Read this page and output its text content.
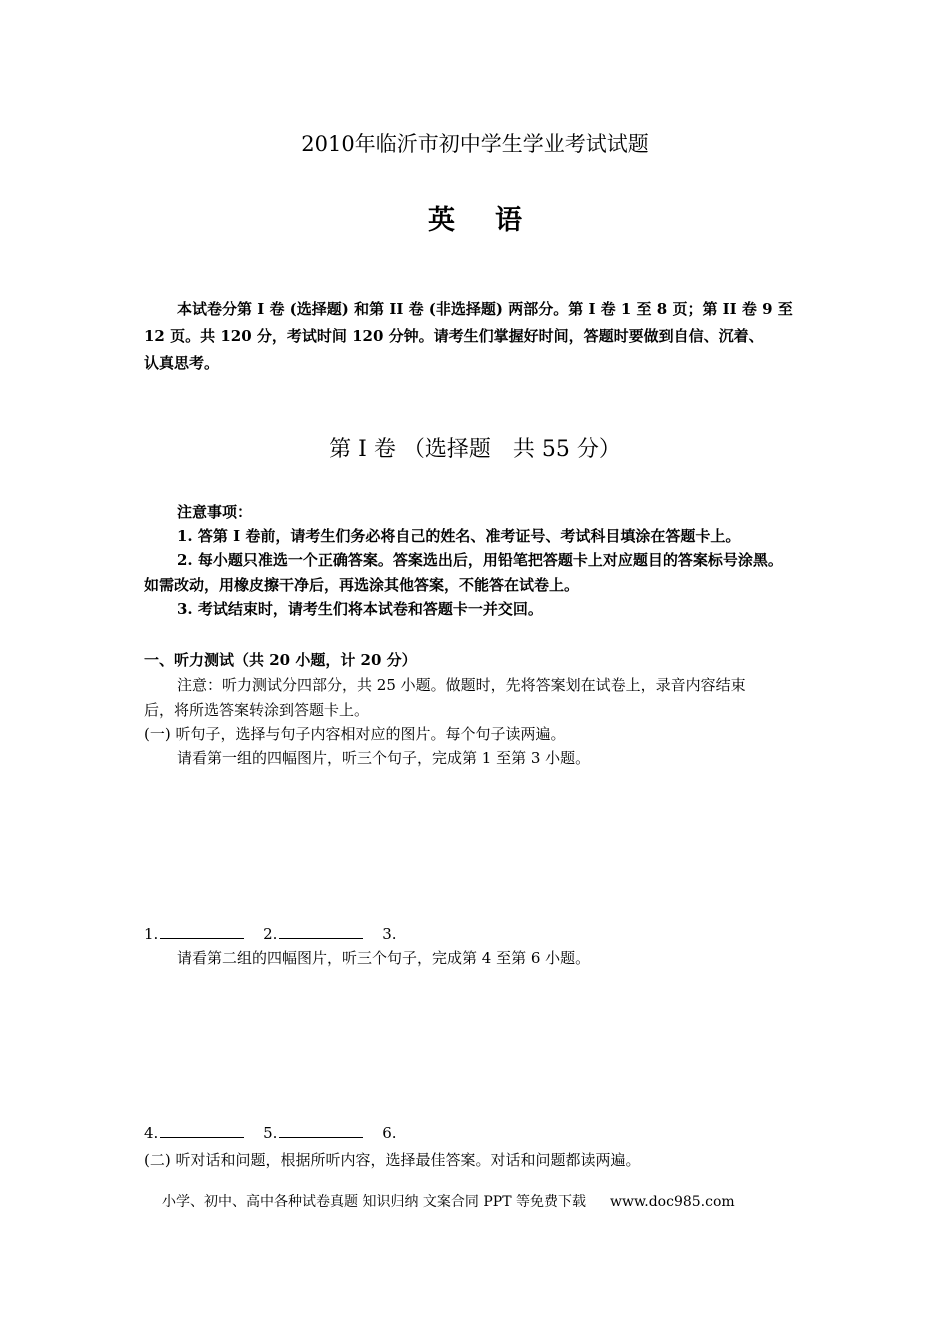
2010年临沂市初中学生学业考试试题
英语
本试卷分第 I 卷 (选择题) 和第 II 卷 (非选择题) 两部分。第 I 卷 1 至 8 页；第 II 卷 9 至
12 页。共 120 分，考试时间 120 分钟。请考生们掌握好时间，答题时要做到自信、沉着、
认真思考。
第 I 卷 （选择题　共 55 分）
注意事项：
1. 答第 I 卷前，请考生们务必将自己的姓名、准考证号、考试科目填涂在答题卡上。
2. 每小题只准选一个正确答案。答案选出后，用铅笔把答题卡上对应题目的答案标号涂黑。
如需改动，用橡皮擦干净后，再选涂其他答案，不能答在试卷上。
3. 考试结束时，请考生们将本试卷和答题卡一并交回。
一、听力测试（共 20 小题，计 20 分）
注意：听力测试分四部分，共 25 小题。做题时，先将答案划在试卷上，录音内容结束
后，将所选答案转涂到答题卡上。
(一) 听句子，选择与句子内容相对应的图片。每个句子读两遍。
请看第一组的四幅图片，听三个句子，完成第 1 至第 3 小题。
1.	2.	3.
请看第二组的四幅图片，听三个句子，完成第 4 至第 6 小题。
4.	5.	6.
(二) 听对话和问题，根据所听内容，选择最佳答案。对话和问题都读两遍。
小学、初中、高中各种试卷真题 知识归纳 文案合同 PPT 等免费下载 www.doc985.com
